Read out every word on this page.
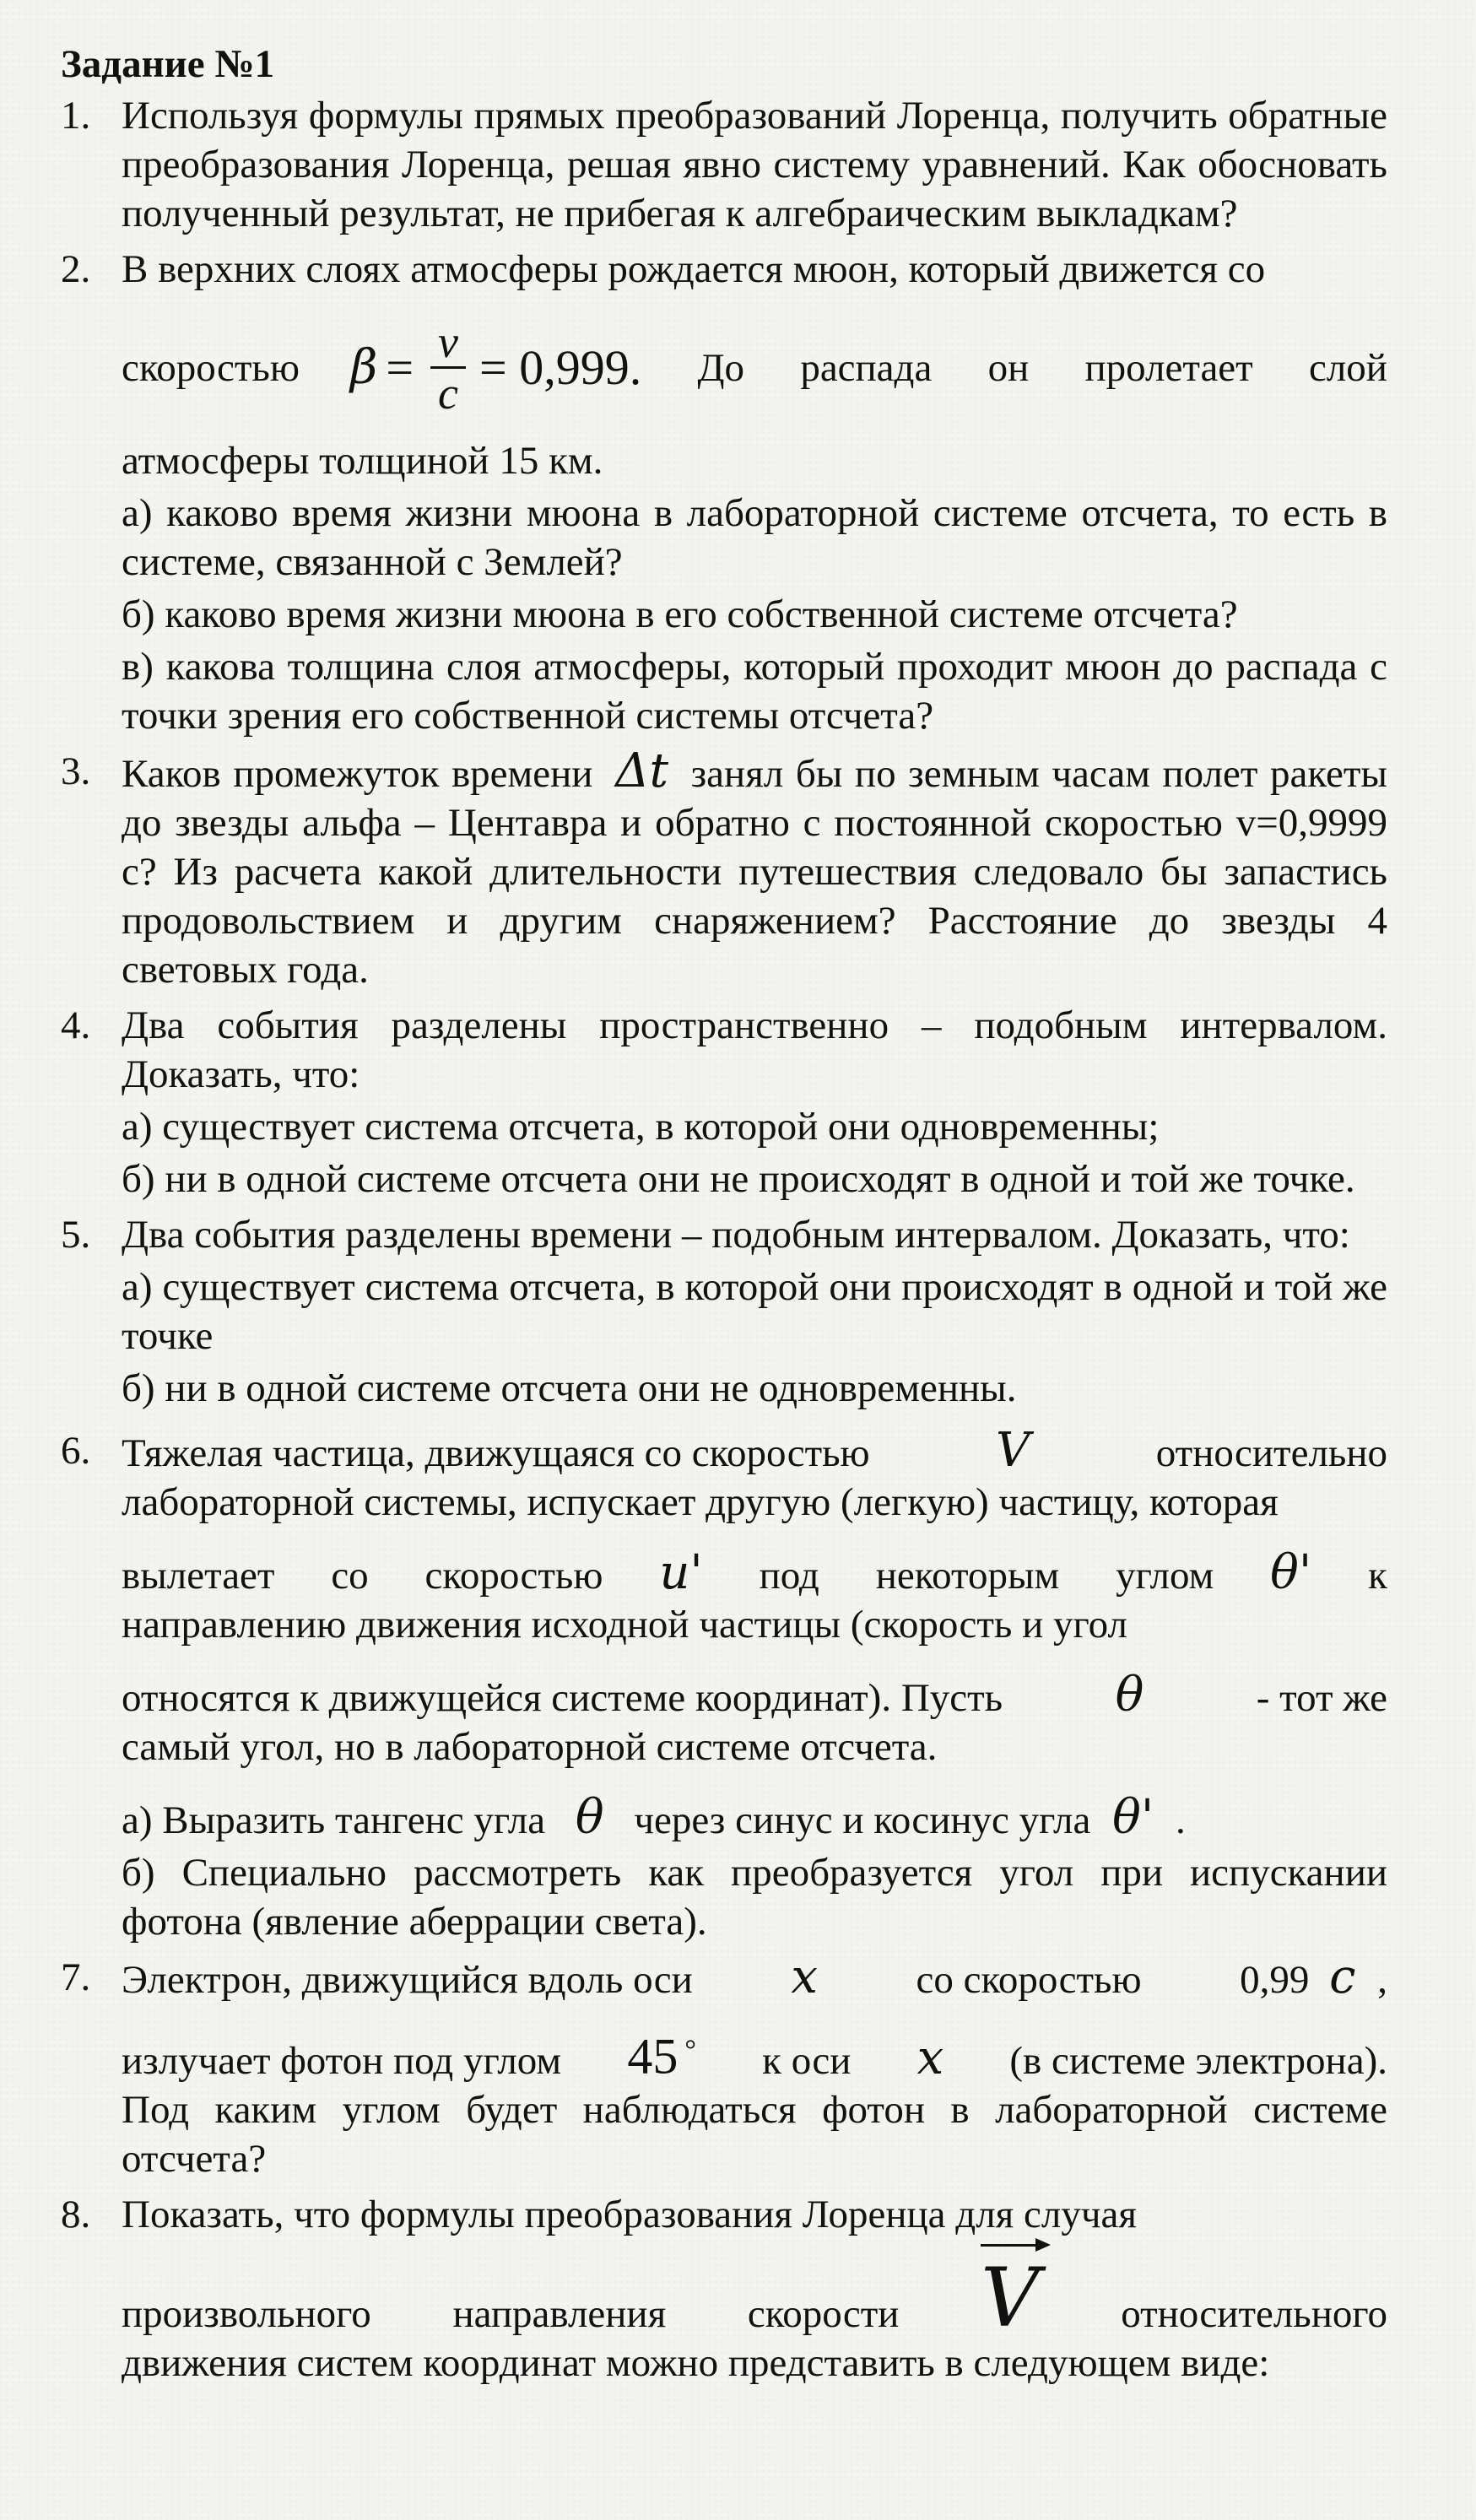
Задание №1
1. Используя формулы прямых преобразований Лоренца, получить обратные преобразования Лоренца, решая явно систему уравнений. Как обосновать полученный результат, не прибегая к алгебраическим выкладкам?
2. В верхних слоях атмосферы рождается мюон, который движется со
скоростью $\beta = \frac{v}{c} = 0,999$ . До распада он пролетает слой
атмосферы толщиной 15 км.
а) каково время жизни мюона в лабораторной системе отсчета, то есть в системе, связанной с Землей?
б) каково время жизни мюона в его собственной системе отсчета?
в) какова толщина слоя атмосферы, который проходит мюон до распада с точки зрения его собственной системы отсчета?
3. Каков промежуток времени Δt занял бы по земным часам полет ракеты до звезды альфа – Центавра и обратно с постоянной скоростью v=0,9999 с? Из расчета какой длительности путешествия следовало бы запастись продовольствием и другим снаряжением? Расстояние до звезды 4 световых года.
4. Два события разделены пространственно – подобным интервалом. Доказать, что:
а) существует система отсчета, в которой они одновременны;
б) ни в одной системе отсчета они не происходят в одной и той же точке.
5. Два события разделены времени – подобным интервалом. Доказать, что:
а) существует система отсчета, в которой они происходят в одной и той же точке
б) ни в одной системе отсчета они не одновременны.
6. Тяжелая частица, движущаяся со скоростью	V	относительно
лабораторной системы, испускает другую (легкую) частицу, которая
вылетает со скоростью u' под некоторым углом θ' к
направлению движения исходной частицы (скорость и угол
относятся к движущейся системе координат). Пусть θ	- тот же
самый угол, но в лабораторной системе отсчета.
а) Выразить тангенс угла θ через синус и косинус угла θ' .
б) Специально рассмотреть как преобразуется угол при испускании фотона (явление аберрации света).
7. Электрон, движущийся вдоль оси x со скоростью 0,99 c ,
излучает фотон под углом 45 ° к оси x (в системе электрона).
Под каким углом будет наблюдаться фотон в лабораторной системе отсчета?
8. Показать, что формулы преобразования Лоренца для случая
произвольного направления скорости V относительного
движения систем координат можно представить в следующем виде:
